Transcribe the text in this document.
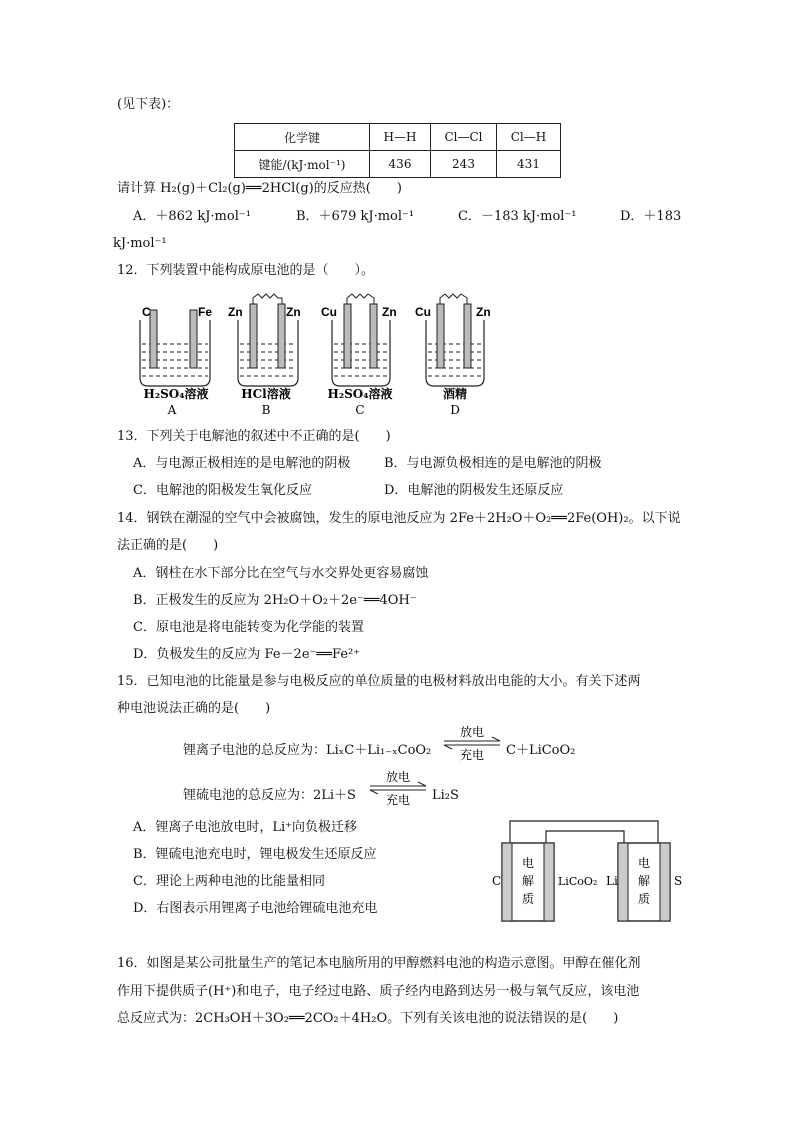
(见下表)：
化学键	H—H	Cl—Cl	Cl—H
键能/(kJ·mol⁻¹)	436	243	431
请计算 H₂(g)＋Cl₂(g)══2HCl(g)的反应热(　　)
A．＋862 kJ·mol⁻¹	B．＋679 kJ·mol⁻¹	C．－183 kJ·mol⁻¹	D．＋183
kJ·mol⁻¹
12．下列装置中能构成原电池的是（　　）。
C	Fe
H₂SO₄溶液
A
Zn	Zn
HCl溶液
B
Cu	Zn
H₂SO₄溶液
C
Cu	Zn
酒精
D
13．下列关于电解池的叙述中不正确的是(　　)
A．与电源正极相连的是电解池的阴极	B．与电源负极相连的是电解池的阴极
C．电解池的阳极发生氧化反应	D．电解池的阴极发生还原反应
14．钢铁在潮湿的空气中会被腐蚀，发生的原电池反应为 2Fe＋2H₂O＋O₂══2Fe(OH)₂。以下说
法正确的是(　　)
A．钢柱在水下部分比在空气与水交界处更容易腐蚀
B．正极发生的反应为 2H₂O＋O₂＋2e⁻══4OH⁻
C．原电池是将电能转变为化学能的装置
D．负极发生的反应为 Fe－2e⁻══Fe²⁺
15．已知电池的比能量是参与电极反应的单位质量的电极材料放出电能的大小。有关下述两
种电池说法正确的是(　　)
锂离子电池的总反应为：LiₓC＋Li₁₋ₓCoO₂
放电
充电 C＋LiCoO₂
锂硫电池的总反应为：2Li＋S
放电
充电 Li₂S
A．锂离子电池放电时，Li⁺向负极迁移
B．锂硫电池充电时，锂电极发生还原反应
C．理论上两种电池的比能量相同
D．右图表示用锂离子电池给锂硫电池充电
电
解
质
电
解
质
C	LiCoO₂ Li	S
16．如图是某公司批量生产的笔记本电脑所用的甲醇燃料电池的构造示意图。甲醇在催化剂
作用下提供质子(H⁺)和电子，电子经过电路、质子经内电路到达另一极与氧气反应，该电池
总反应式为：2CH₃OH＋3O₂══2CO₂＋4H₂O。下列有关该电池的说法错误的是(　　)
